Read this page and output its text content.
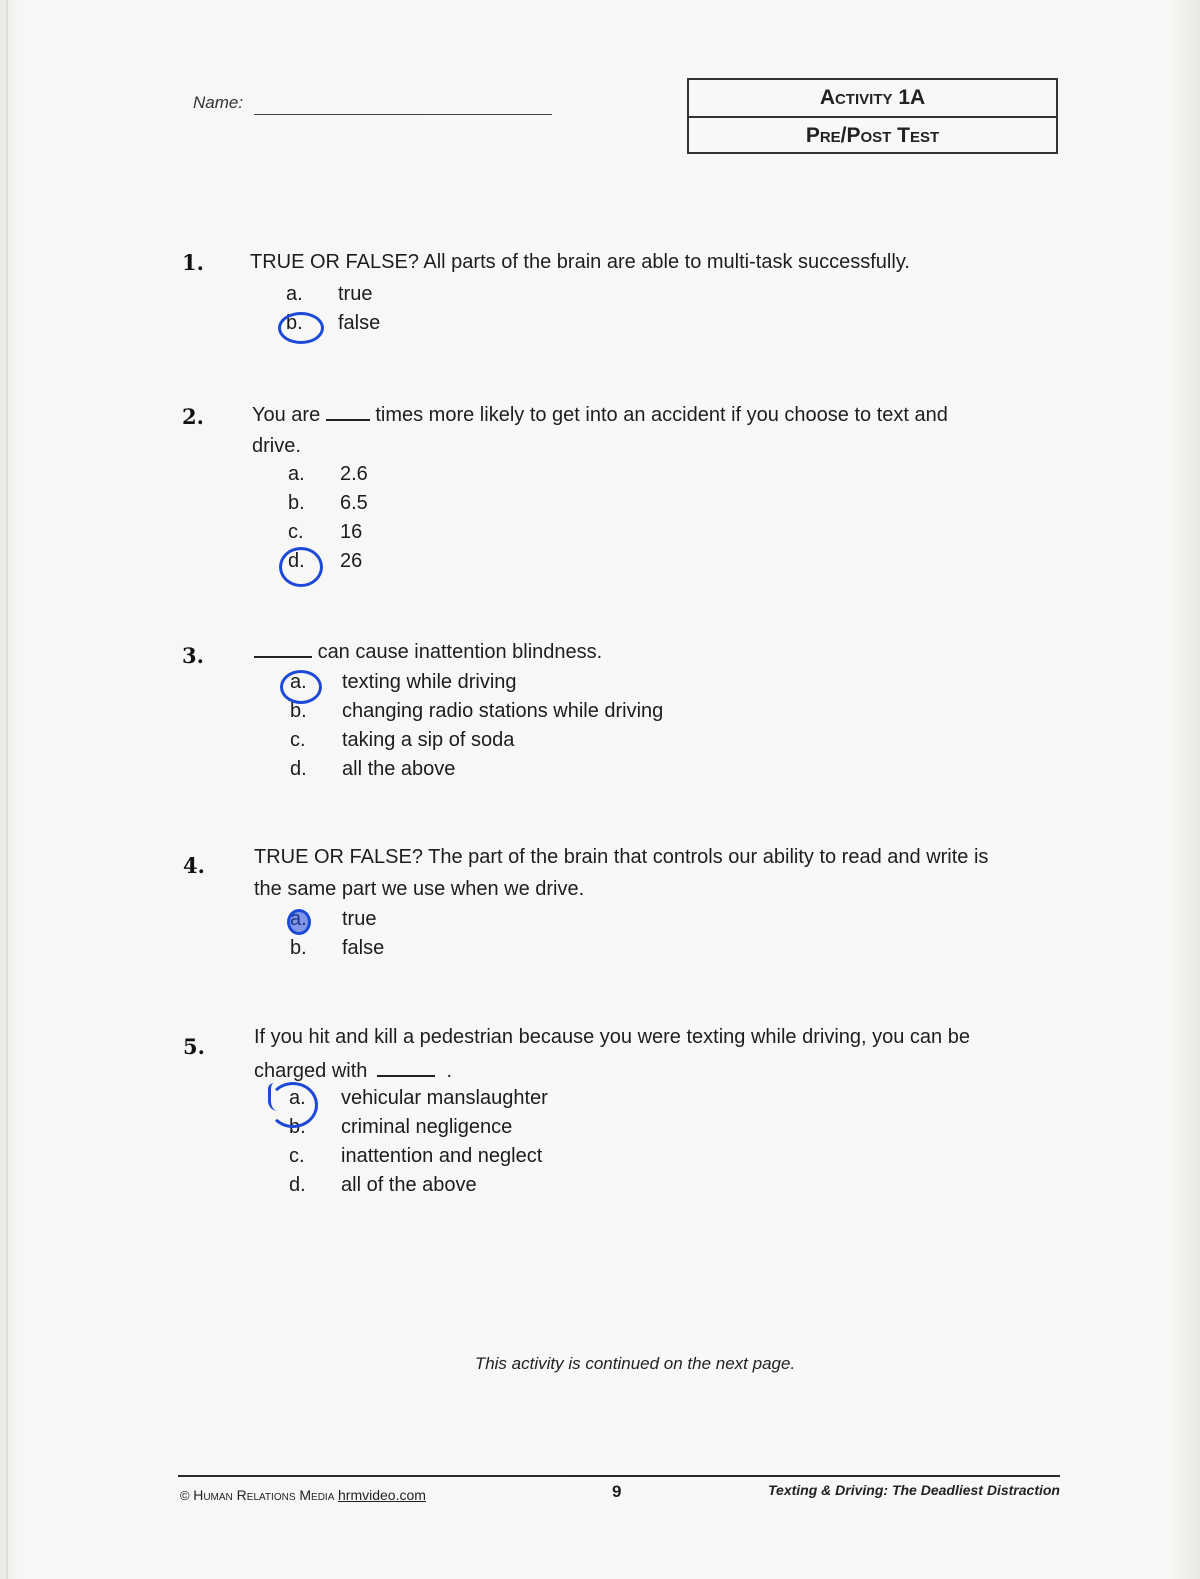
Name:	Activity 1A
Pre/Post Test
1. TRUE OR FALSE? All parts of the brain are able to multi-task successfully.
a.	true
b.	false
2. You are	times more likely to get into an accident if you choose to text and
drive.
a.	2.6
b.	6.5
c.	16
d.	26
3.	can cause inattention blindness.
a.	texting while driving
b.	changing radio stations while driving
c.	taking a sip of soda
d.	all the above
4. TRUE OR FALSE? The part of the brain that controls our ability to read and write is
the same part we use when we drive.
true
b.	false
5. If you hit and kill a pedestrian because you were texting while driving, you can be
charged with	.
a.	vehicular manslaughter
b.	criminal negligence
c.	inattention and neglect
d.	all of the above
This activity is continued on the next page.
© Human Relations Media hrmvideo.com	9	Texting & Driving: The Deadliest Distraction
